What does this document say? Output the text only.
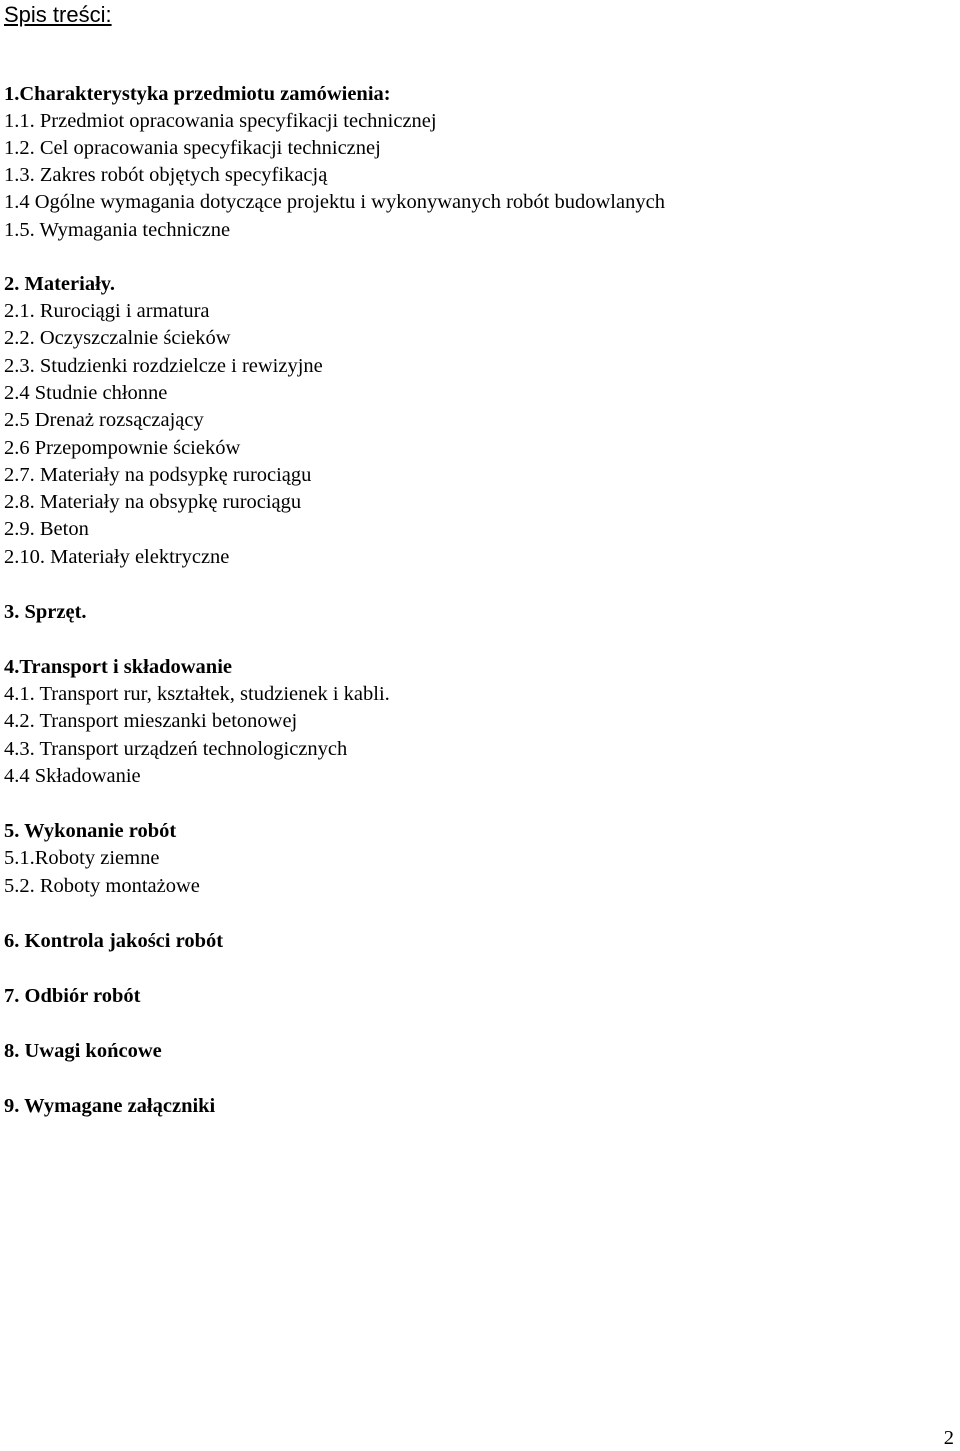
Spis treści:
1.Charakterystyka przedmiotu zamówienia:
1.1. Przedmiot opracowania specyfikacji technicznej
1.2. Cel opracowania specyfikacji technicznej
1.3. Zakres robót objętych specyfikacją
1.4 Ogólne wymagania dotyczące projektu i wykonywanych robót budowlanych
1.5. Wymagania techniczne
2. Materiały.
2.1. Rurociągi i armatura
2.2. Oczyszczalnie ścieków
2.3. Studzienki rozdzielcze i rewizyjne
2.4 Studnie chłonne
2.5 Drenaż rozsączający
2.6 Przepompownie ścieków
2.7. Materiały na podsypkę rurociągu
2.8. Materiały na obsypkę rurociągu
2.9. Beton
2.10. Materiały elektryczne
3. Sprzęt.
4.Transport i składowanie
4.1. Transport rur, kształtek, studzienek i kabli.
4.2. Transport mieszanki betonowej
4.3. Transport urządzeń technologicznych
4.4 Składowanie
5. Wykonanie robót
5.1.Roboty ziemne
5.2. Roboty montażowe
6. Kontrola jakości robót
7. Odbiór robót
8. Uwagi końcowe
9. Wymagane załączniki
2
